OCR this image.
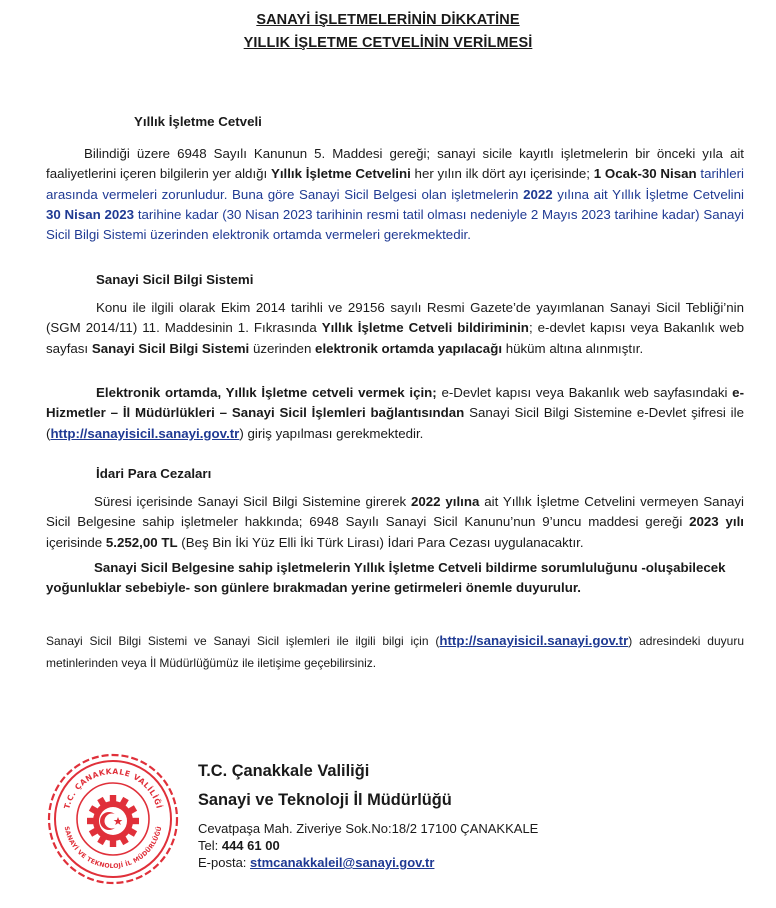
SANAYİ İŞLETMELERİNİN DİKKATİNE
YILLIK İŞLETME CETVELİNİN VERİLMESİ
Yıllık İşletme Cetveli
Bilindiği üzere 6948 Sayılı Kanunun 5. Maddesi gereği; sanayi sicile kayıtlı işletmelerin bir önceki yıla ait faaliyetlerini içeren bilgilerin yer aldığı Yıllık İşletme Cetvelini her yılın ilk dört ayı içerisinde; 1 Ocak-30 Nisan tarihleri arasında vermeleri zorunludur. Buna göre Sanayi Sicil Belgesi olan işletmelerin 2022 yılına ait Yıllık İşletme Cetvelini 30 Nisan 2023 tarihine kadar (30 Nisan 2023 tarihinin resmi tatil olması nedeniyle 2 Mayıs 2023 tarihine kadar) Sanayi Sicil Bilgi Sistemi üzerinden elektronik ortamda vermeleri gerekmektedir.
Sanayi Sicil Bilgi Sistemi
Konu ile ilgili olarak Ekim 2014 tarihli ve 29156 sayılı Resmi Gazete’de yayımlanan Sanayi Sicil Tebliği’nin (SGM 2014/11) 11. Maddesinin 1. Fıkrasında Yıllık İşletme Cetveli bildiriminin; e-devlet kapısı veya Bakanlık web sayfası Sanayi Sicil Bilgi Sistemi üzerinden elektronik ortamda yapılacağı hüküm altına alınmıştır.
Elektronik ortamda, Yıllık İşletme cetveli vermek için; e-Devlet kapısı veya Bakanlık web sayfasındaki e-Hizmetler – İl Müdürlükleri – Sanayi Sicil İşlemleri bağlantısından Sanayi Sicil Bilgi Sistemine e-Devlet şifresi ile (http://sanayisicil.sanayi.gov.tr) giriş yapılması gerekmektedir.
İdari Para Cezaları
Süresi içerisinde Sanayi Sicil Bilgi Sistemine girerek 2022 yılına ait Yıllık İşletme Cetvelini vermeyen Sanayi Sicil Belgesine sahip işletmeler hakkında; 6948 Sayılı Sanayi Sicil Kanunu’nun 9’uncu maddesi gereği 2023 yılı içerisinde 5.252,00 TL (Beş Bin İki Yüz Elli İki Türk Lirası) İdari Para Cezası uygulanacaktır.
Sanayi Sicil Belgesine sahip işletmelerin Yıllık İşletme Cetveli bildirme sorumluluğunu -oluşabilecek yoğunluklar sebebiyle- son günlere bırakmadan yerine getirmeleri önemle duyurulur.
Sanayi Sicil Bilgi Sistemi ve Sanayi Sicil işlemleri ile ilgili bilgi için (http://sanayisicil.sanayi.gov.tr) adresindeki duyuru metinlerinden veya İl Müdürlüğümüz ile iletişime geçebilirsiniz.
T.C. ÇANAKKALE VALİLİĞİ
SANAYİ VE TEKNOLOJİ İL MÜDÜRLÜĞÜ
T.C. Çanakkale Valiliği
Sanayi ve Teknoloji İl Müdürlüğü
Cevatpaşa Mah. Ziveriye Sok.No:18/2 17100 ÇANAKKALE
Tel: 444 61 00
E-posta: stmcanakkaleil@sanayi.gov.tr
